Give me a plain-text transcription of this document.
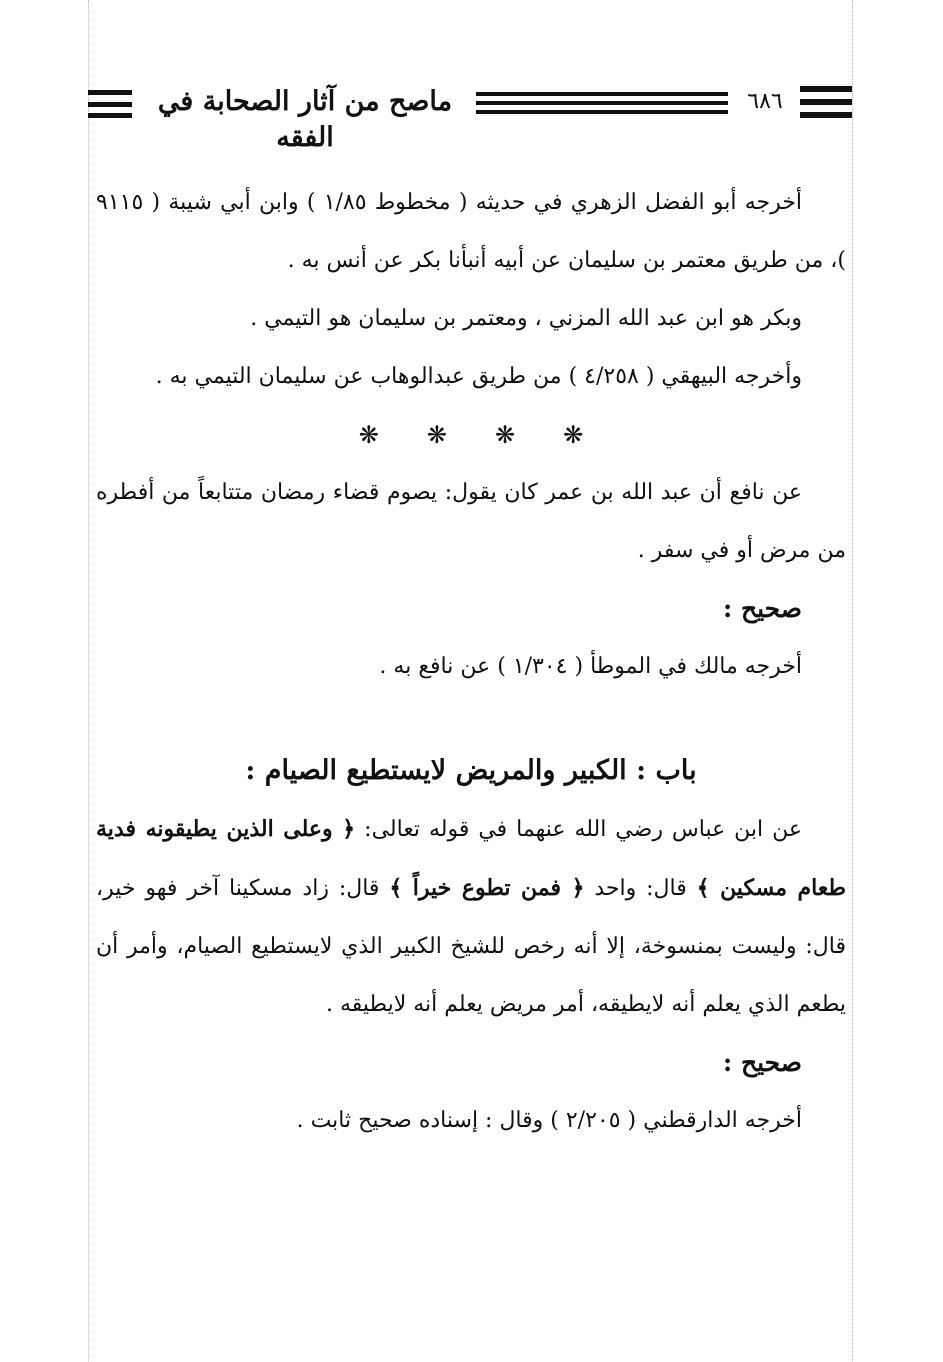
ماصح من آثار الصحابة في الفقه
٦٨٦

أخرجه أبو الفضل الزهري في حديثه ( مخطوط ١/٨٥ ) وابن أبي شيبة ( ٩١١٥ )، من طريق معتمر بن سليمان عن أبيه أنبأنا بكر عن أنس به .

وبكر هو ابن عبد الله المزني ، ومعتمر بن سليمان هو التيمي .

وأخرجه البيهقي ( ٤/٢٥٨ ) من طريق عبدالوهاب عن سليمان التيمي به .

❋❋❋❋

عن نافع أن عبد الله بن عمر كان يقول: يصوم قضاء رمضان متتابعاً من أفطره من مرض أو في سفر .

صحيح :

أخرجه مالك في الموطأ ( ١/٣٠٤ ) عن نافع به .

باب : الكبير والمريض لايستطيع الصيام :

عن ابن عباس رضي الله عنهما في قوله تعالى: ﴿ وعلى الذين يطيقونه فدية طعام مسكين ﴾ قال: واحد ﴿ فمن تطوع خيراً ﴾ قال: زاد مسكينا آخر فهو خير، قال: وليست بمنسوخة، إلا أنه رخص للشيخ الكبير الذي لايستطيع الصيام، وأمر أن يطعم الذي يعلم أنه لايطيقه، أمر مريض يعلم أنه لايطيقه .

صحيح :

أخرجه الدارقطني ( ٢/٢٠٥ ) وقال : إسناده صحيح ثابت .
